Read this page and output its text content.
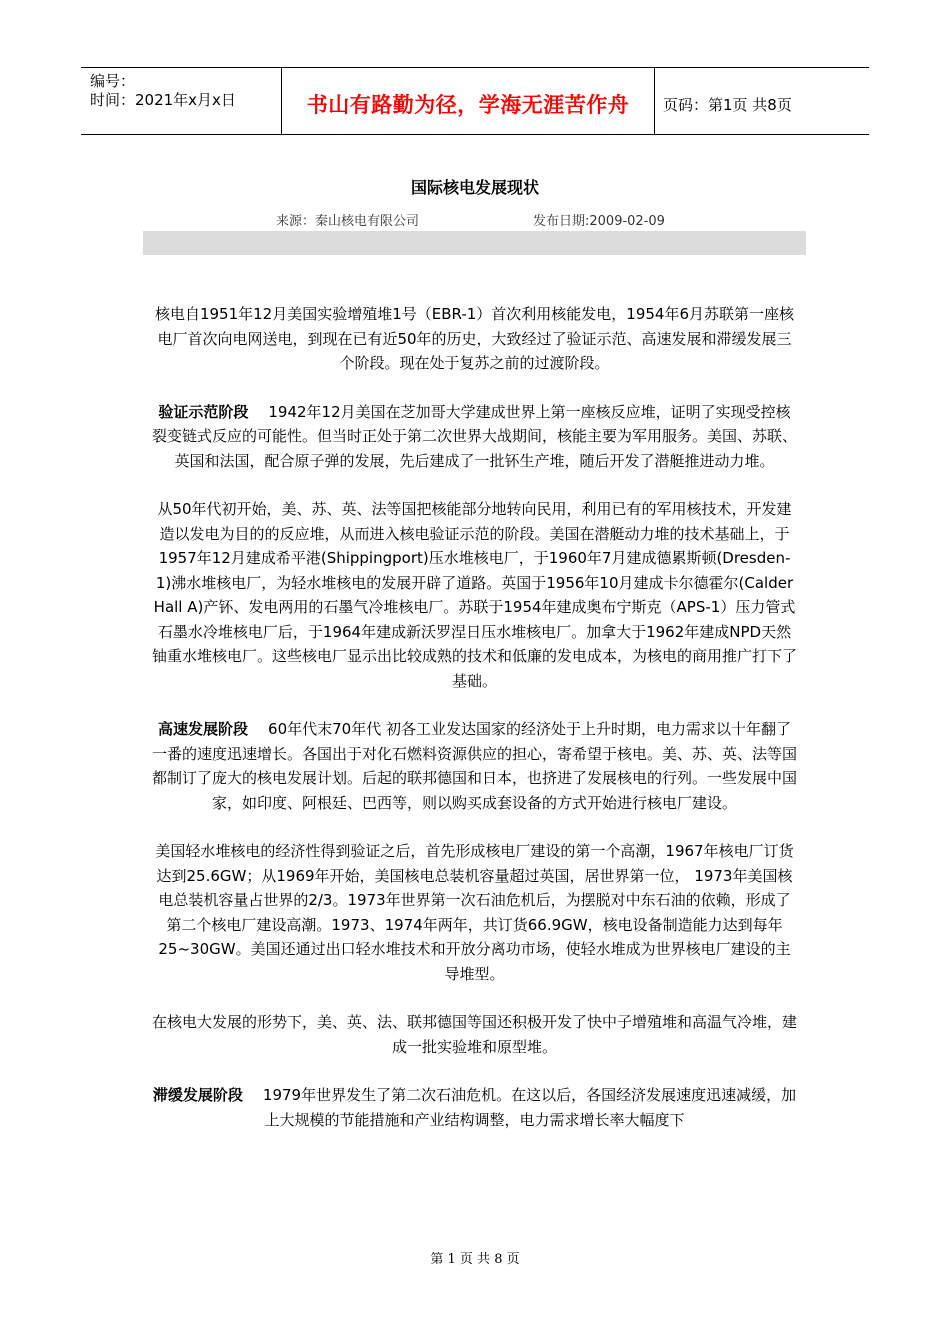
编号：
时间：2021年x月x日	书山有路勤为径，学海无涯苦作舟	页码：第1页 共8页
国际核电发展现状
来源：秦山核电有限公司	发布日期:2009-02-09

核电自1951年12月美国实验增殖堆1号（EBR-1）首次利用核能发电，1954年6月苏联第一座核电厂首次向电网送电，到现在已有近50年的历史，大致经过了验证示范、高速发展和滞缓发展三个阶段。现在处于复苏之前的过渡阶段。

验证示范阶段 1942年12月美国在芝加哥大学建成世界上第一座核反应堆，证明了实现受控核裂变链式反应的可能性。但当时正处于第二次世界大战期间，核能主要为军用服务。美国、苏联、英国和法国，配合原子弹的发展，先后建成了一批钚生产堆，随后开发了潜艇推进动力堆。

从50年代初开始，美、苏、英、法等国把核能部分地转向民用，利用已有的军用核技术，开发建造以发电为目的的反应堆，从而进入核电验证示范的阶段。美国在潜艇动力堆的技术基础上，于1957年12月建成希平港(Shippingport)压水堆核电厂，于1960年7月建成德累斯顿(Dresden-1)沸水堆核电厂，为轻水堆核电的发展开辟了道路。英国于1956年10月建成卡尔德霍尔(Calder Hall A)产钚、发电两用的石墨气冷堆核电厂。苏联于1954年建成奥布宁斯克（APS-1）压力管式石墨水冷堆核电厂后，于1964年建成新沃罗涅日压水堆核电厂。加拿大于1962年建成NPD天然铀重水堆核电厂。这些核电厂显示出比较成熟的技术和低廉的发电成本，为核电的商用推广打下了基础。

高速发展阶段 60年代末70年代 初各工业发达国家的经济处于上升时期，电力需求以十年翻了一番的速度迅速增长。各国出于对化石燃料资源供应的担心，寄希望于核电。美、苏、英、法等国都制订了庞大的核电发展计划。后起的联邦德国和日本，也挤进了发展核电的行列。一些发展中国家，如印度、阿根廷、巴西等，则以购买成套设备的方式开始进行核电厂建设。

美国轻水堆核电的经济性得到验证之后，首先形成核电厂建设的第一个高潮，1967年核电厂订货达到25.6GW；从1969年开始，美国核电总装机容量超过英国，居世界第一位， 1973年美国核电总装机容量占世界的2/3。1973年世界第一次石油危机后，为摆脱对中东石油的依赖，形成了第二个核电厂建设高潮。1973、1974年两年，共订货66.9GW，核电设备制造能力达到每年25~30GW。美国还通过出口轻水堆技术和开放分离功市场，使轻水堆成为世界核电厂建设的主导堆型。

在核电大发展的形势下，美、英、法、联邦德国等国还积极开发了快中子增殖堆和高温气冷堆，建成一批实验堆和原型堆。

滞缓发展阶段 1979年世界发生了第二次石油危机。在这以后，各国经济发展速度迅速减缓，加上大规模的节能措施和产业结构调整，电力需求增长率大幅度下

第 1 页 共 8 页
